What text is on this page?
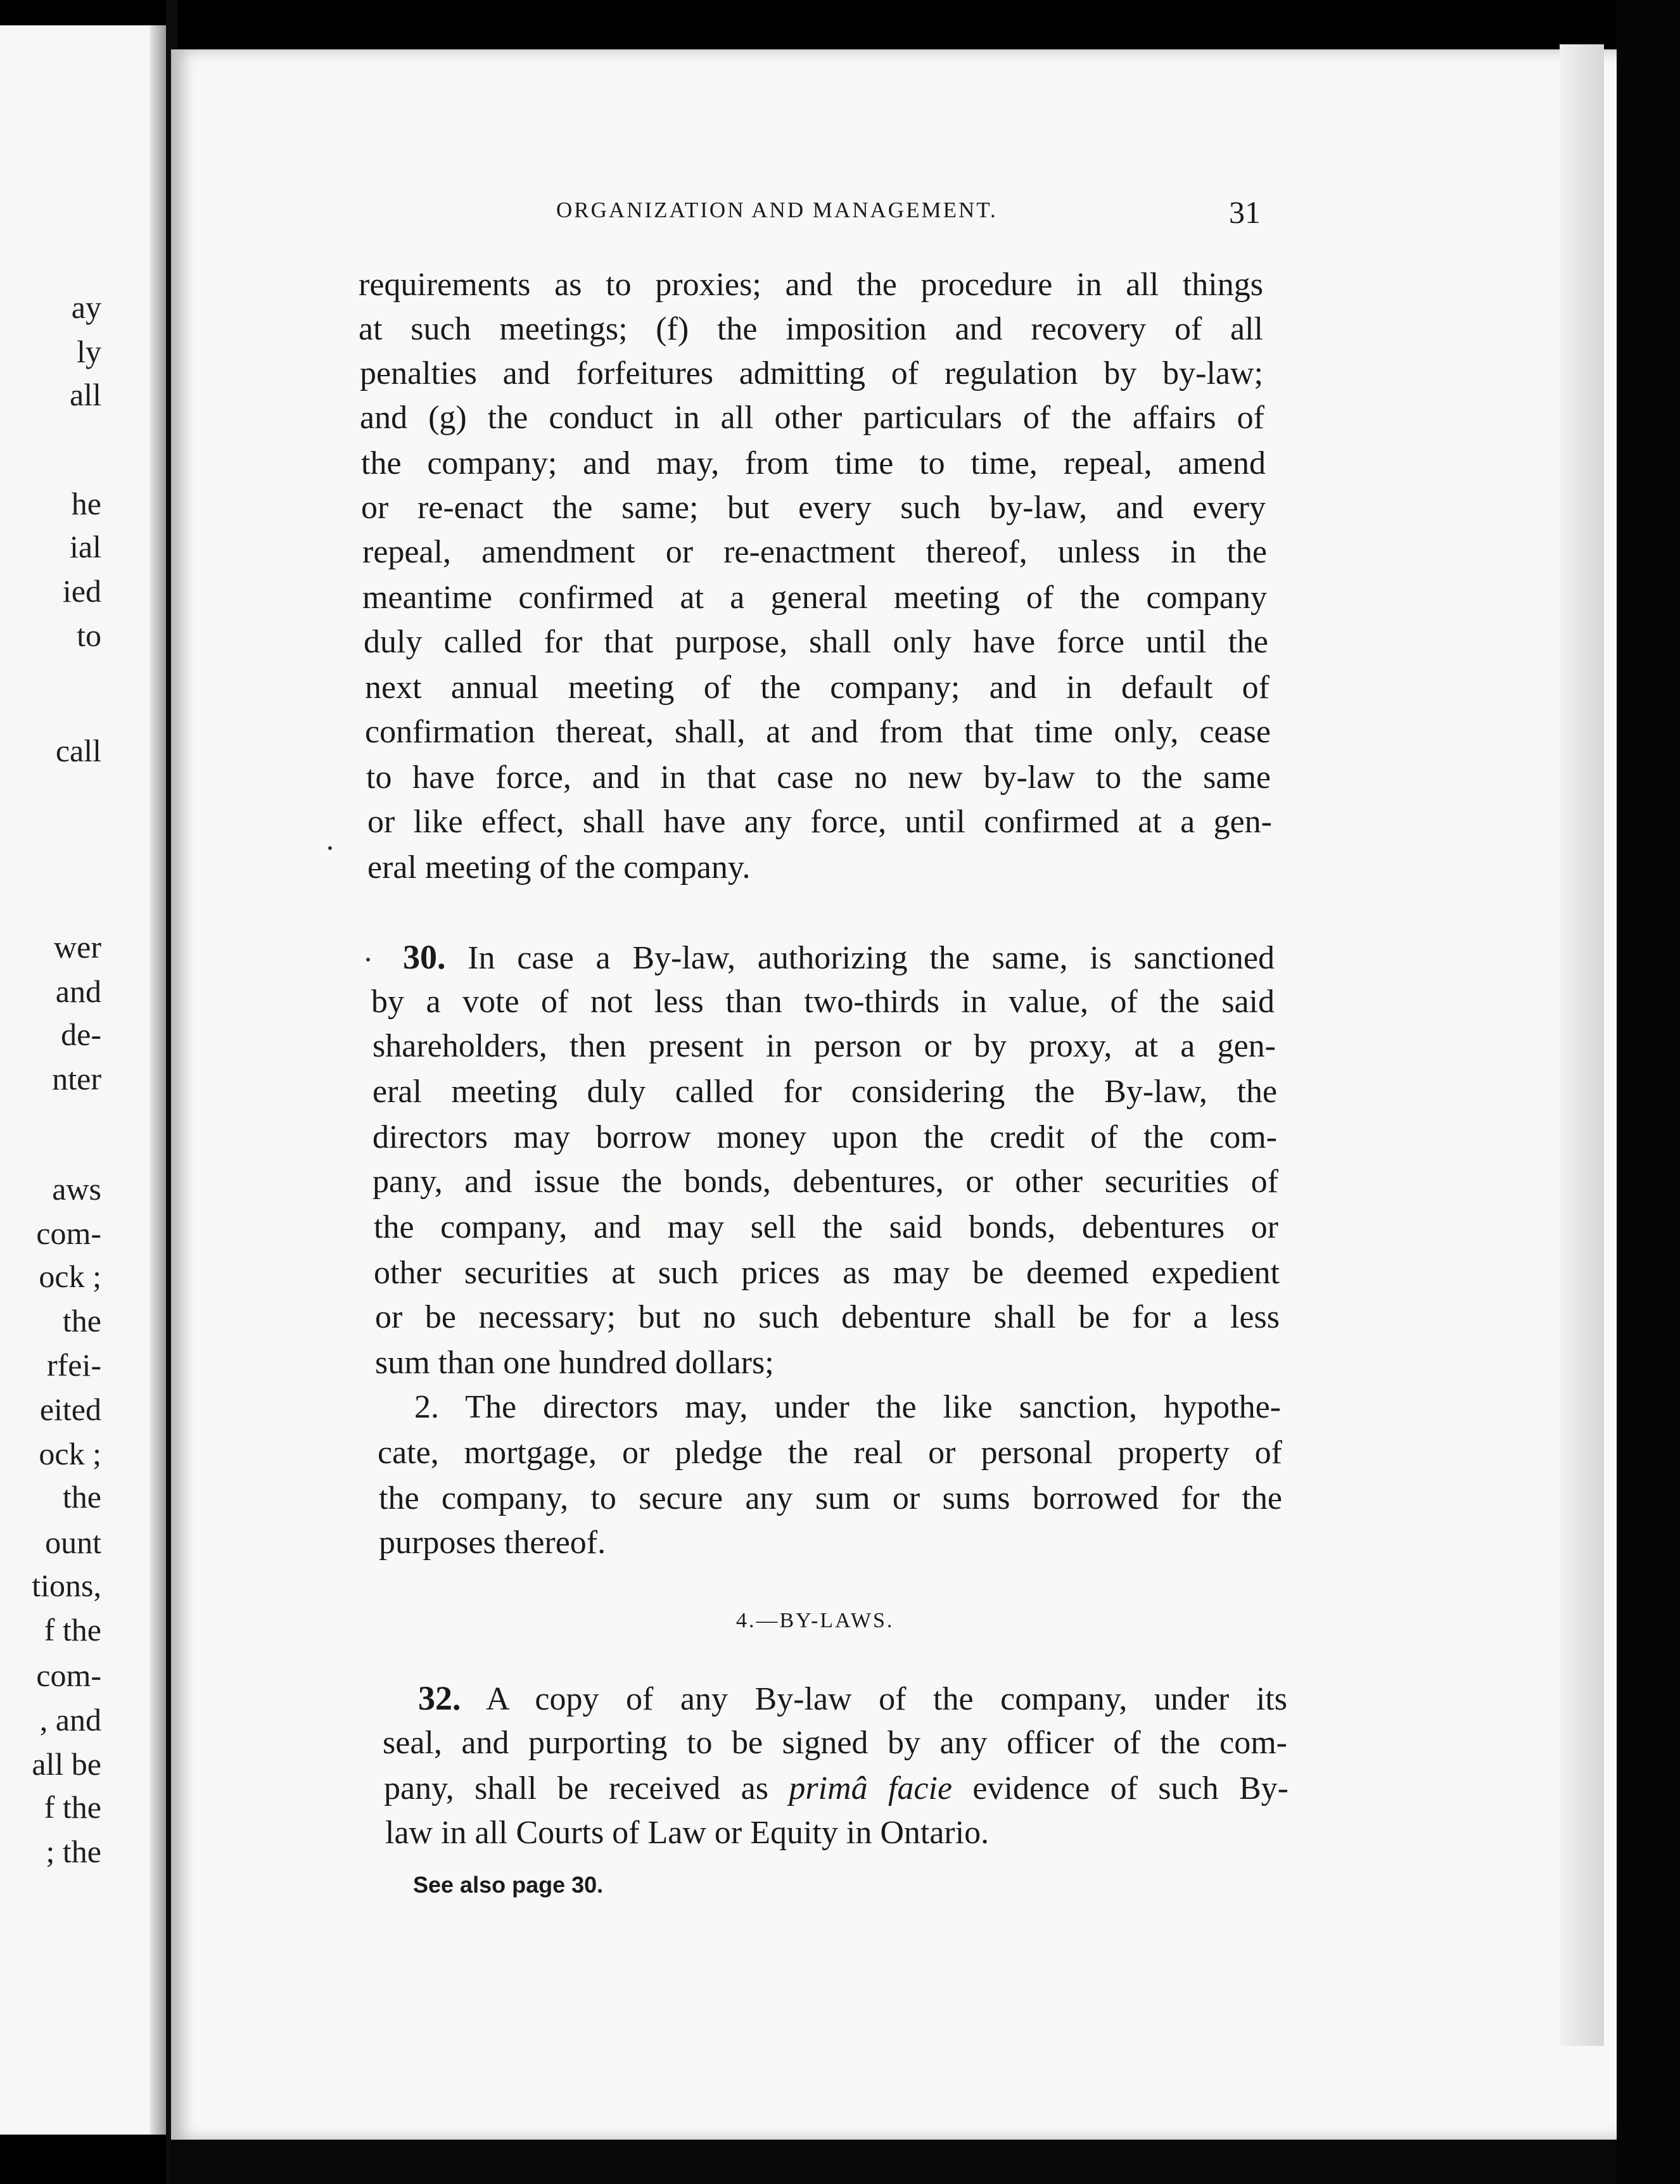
ay
ly
all
he
ial
ied
to
call
wer
and
de-
nter
aws
com-
ock ;
the
rfei-
eited
ock ;
the
ount
tions,
f the
com-
, and
all be
f the
; the
ORGANIZATION AND MANAGEMENT.	31
requirements as to proxies; and the procedure in all things
at such meetings; (f) the imposition and recovery of all
penalties and forfeitures admitting of regulation by by-law;
and (g) the conduct in all other particulars of the affairs of
the company; and may, from time to time, repeal, amend
or re-enact the same; but every such by-law, and every
repeal, amendment or re-enactment thereof, unless in the
meantime confirmed at a general meeting of the company
duly called for that purpose, shall only have force until the
next annual meeting of the company; and in default of
confirmation thereat, shall, at and from that time only, cease
to have force, and in that case no new by-law to the same
or like effect, shall have any force, until confirmed at a gen-
eral meeting of the company.
30. In case a By-law, authorizing the same, is sanctioned
by a vote of not less than two-thirds in value, of the said
shareholders, then present in person or by proxy, at a gen-
eral meeting duly called for considering the By-law, the
directors may borrow money upon the credit of the com-
pany, and issue the bonds, debentures, or other securities of
the company, and may sell the said bonds, debentures or
other securities at such prices as may be deemed expedient
or be necessary; but no such debenture shall be for a less
sum than one hundred dollars;
2. The directors may, under the like sanction, hypothe-
cate, mortgage, or pledge the real or personal property of
the company, to secure any sum or sums borrowed for the
purposes thereof.
4.—BY-LAWS.
32. A copy of any By-law of the company, under its
seal, and purporting to be signed by any officer of the com-
pany, shall be received as primâ facie evidence of such By-
law in all Courts of Law or Equity in Ontario.
See also page 30.
